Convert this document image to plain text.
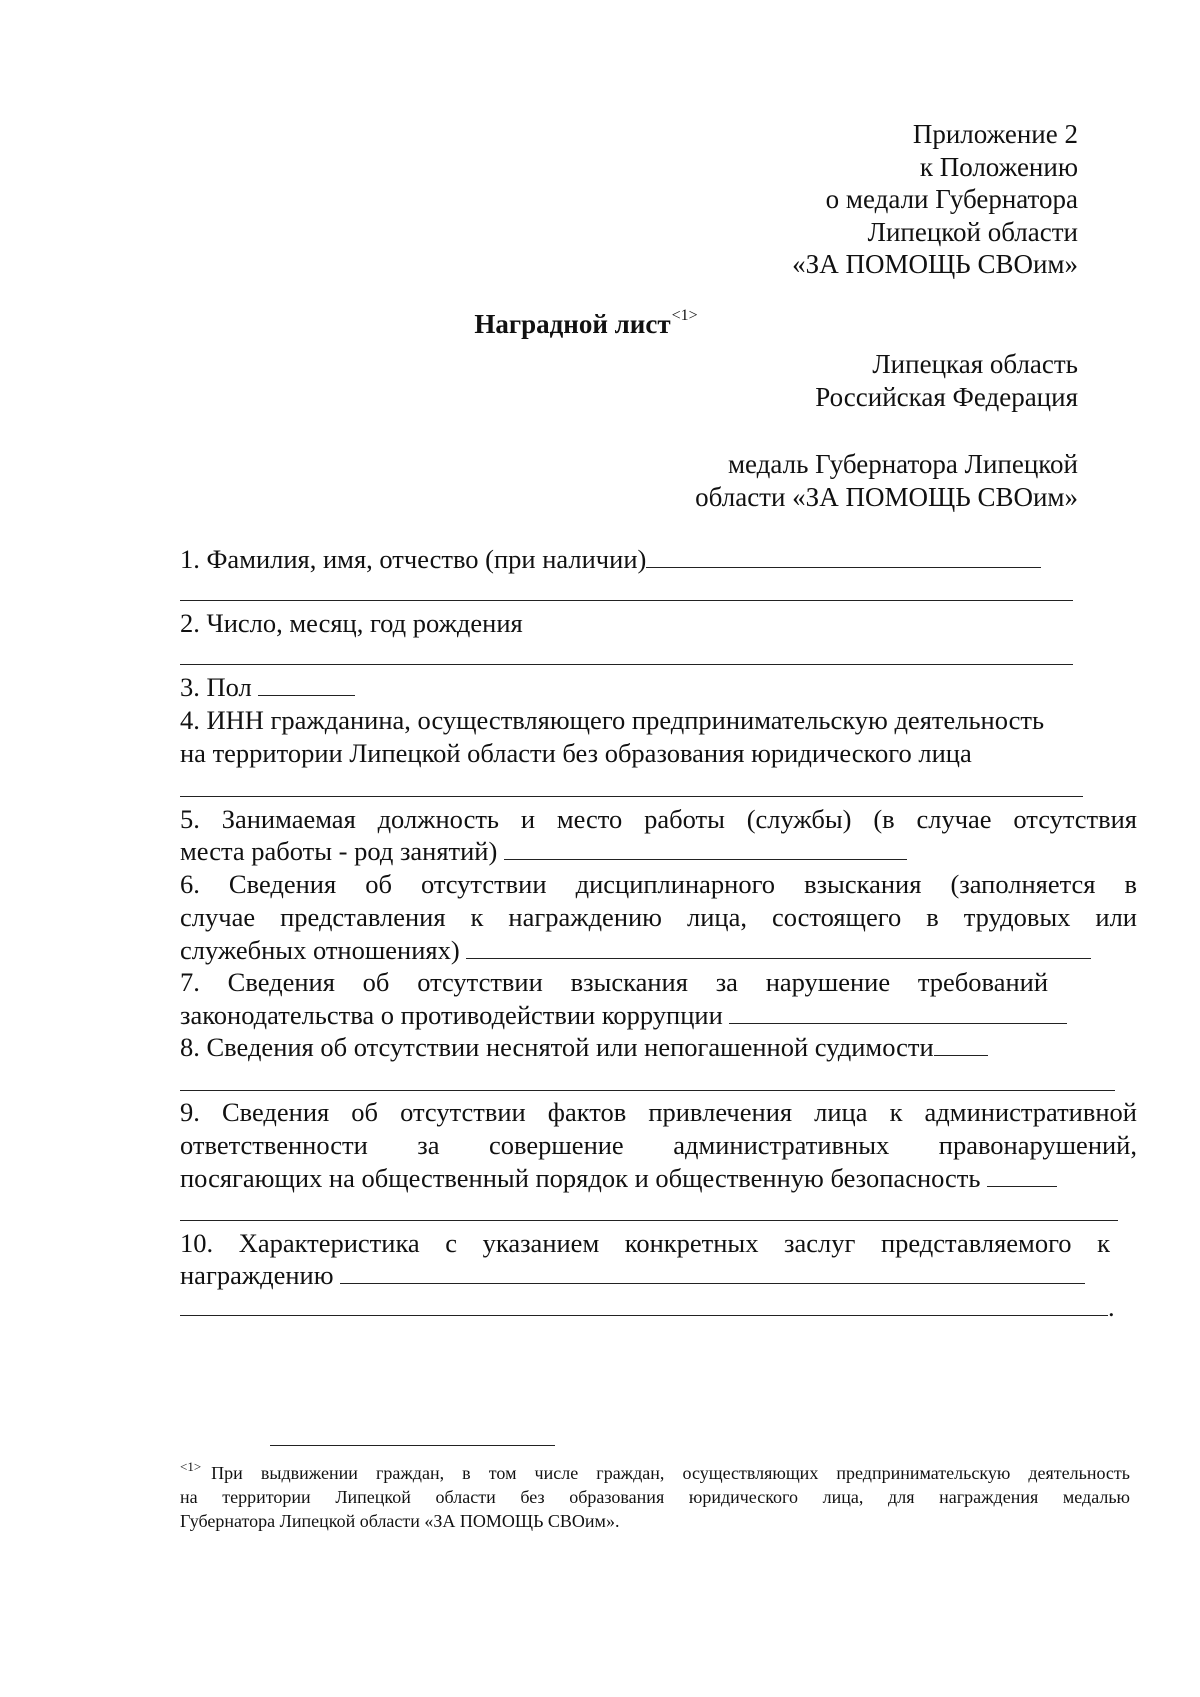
Приложение 2
к Положению
о медали Губернатора
Липецкой области
«ЗА ПОМОЩЬ СВОим»
Наградной лист$^{<1>}$
Липецкая область
Российская Федерация
медаль Губернатора Липецкой
области «ЗА ПОМОЩЬ СВОим»
1. Фамилия, имя, отчество (при наличии)
2. Число, месяц, год рождения
3. Пол
4. ИНН гражданина, осуществляющего предпринимательскую деятельность
на территории Липецкой области без образования юридического лица
5. Занимаемая должность и место работы (службы) (в случае отсутствия
места работы - род занятий)
6. Сведения об отсутствии дисциплинарного взыскания (заполняется в
случае представления к награждению лица, состоящего в трудовых или
служебных отношениях)
7. Сведения об отсутствии взыскания за нарушение требований
законодательства о противодействии коррупции
8. Сведения об отсутствии неснятой или непогашенной судимости
9. Сведения об отсутствии фактов привлечения лица к административной
ответственности за совершение административных правонарушений,
посягающих на общественный порядок и общественную безопасность
10. Характеристика с указанием конкретных заслуг представляемого к
награждению
.
$^{<1>}$ При выдвижении граждан, в том числе граждан, осуществляющих предпринимательскую деятельность
на территории Липецкой области без образования юридического лица, для награждения медалью
Губернатора Липецкой области «ЗА ПОМОЩЬ СВОим».
